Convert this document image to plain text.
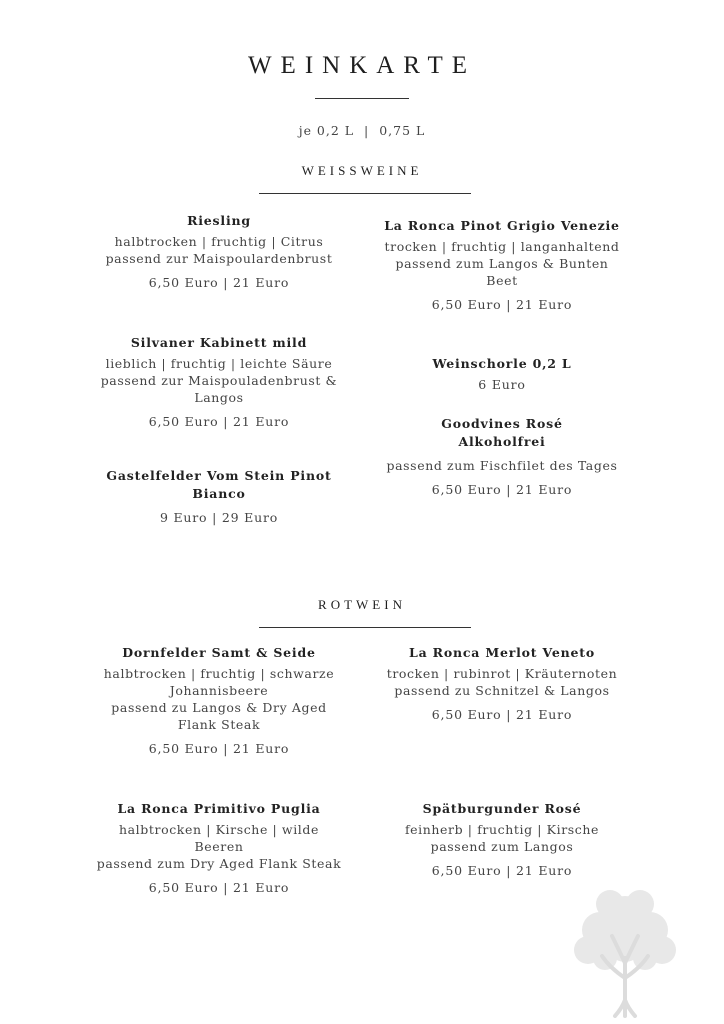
WEINKARTE
je 0,2 L  |  0,75 L
WEISSWEINE
Riesling
halbtrocken | fruchtig | Citrus
passend zur Maispoulardenbrust
6,50 Euro | 21 Euro
La Ronca Pinot Grigio Venezie
trocken | fruchtig | langanhaltend
passend zum Langos & Bunten
Beet
6,50 Euro | 21 Euro
Silvaner Kabinett mild
lieblich | fruchtig | leichte Säure
passend zur Maispouladenbrust &
Langos
6,50 Euro | 21 Euro
Weinschorle 0,2 L
6 Euro
Goodvines Rosé
Alkoholfrei
passend zum Fischfilet des Tages
6,50 Euro | 21 Euro
Gastelfelder Vom Stein Pinot
Bianco
9 Euro | 29 Euro
ROTWEIN
Dornfelder Samt & Seide
halbtrocken | fruchtig | schwarze
Johannisbeere
passend zu Langos & Dry Aged
Flank Steak
6,50 Euro | 21 Euro
La Ronca Merlot Veneto
trocken | rubinrot | Kräuternoten
passend zu Schnitzel & Langos
6,50 Euro | 21 Euro
La Ronca Primitivo Puglia
halbtrocken | Kirsche | wilde
Beeren
passend zum Dry Aged Flank Steak
6,50 Euro | 21 Euro
Spätburgunder Rosé
feinherb | fruchtig | Kirsche
passend zum Langos
6,50 Euro | 21 Euro
